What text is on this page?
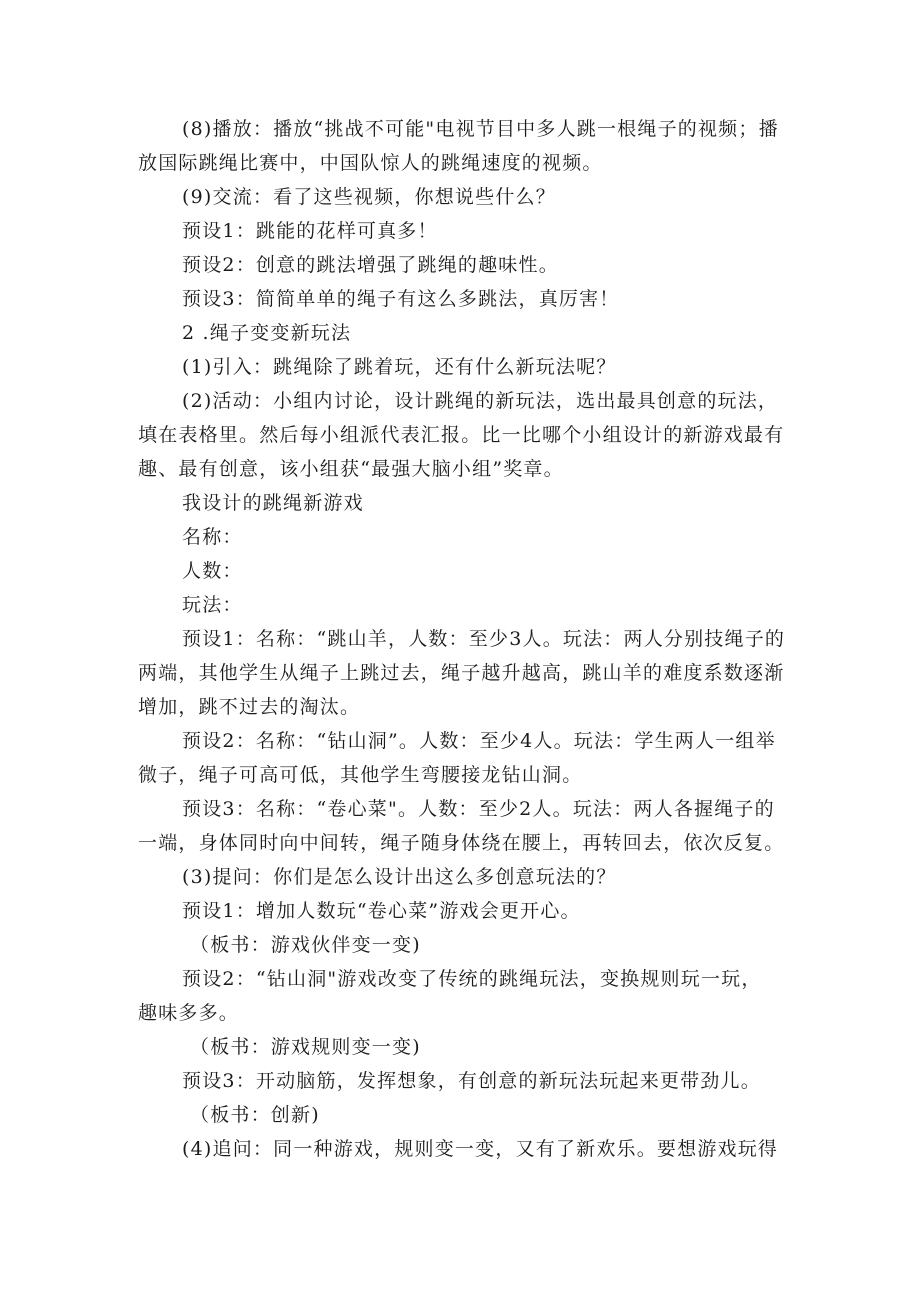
(8)播放：播放“挑战不可能"电视节目中多人跳一根绳子的视频；播
放国际跳绳比赛中，中国队惊人的跳绳速度的视频。
(9)交流：看了这些视频，你想说些什么？
预设1：跳能的花样可真多！
预设2：创意的跳法增强了跳绳的趣味性。
预设3：简简单单的绳子有这么多跳法，真厉害！
2 .绳子变变新玩法
(1)引入：跳绳除了跳着玩，还有什么新玩法呢？
(2)活动：小组内讨论，设计跳绳的新玩法，选出最具创意的玩法，
填在表格里。然后每小组派代表汇报。比一比哪个小组设计的新游戏最有
趣、最有创意，该小组获“最强大脑小组”奖章。
我设计的跳绳新游戏
名称：
人数：
玩法：
预设1：名称：“跳山羊，人数：至少3人。玩法：两人分别技绳子的
两端，其他学生从绳子上跳过去，绳子越升越高，跳山羊的难度系数逐渐
增加，跳不过去的淘汰。
预设2：名称：“钻山洞”。人数：至少4人。玩法：学生两人一组举
微子，绳子可高可低，其他学生弯腰接龙钻山洞。
预设3：名称：“卷心菜"。人数：至少2人。玩法：两人各握绳子的
一端，身体同时向中间转，绳子随身体绕在腰上，再转回去，依次反复。
(3)提问：你们是怎么设计出这么多创意玩法的？
预设1：增加人数玩“卷心菜”游戏会更开心。
（板书：游戏伙伴变一变)
预设2：“钻山洞"游戏改变了传统的跳绳玩法，变换规则玩一玩，
趣味多多。
（板书：游戏规则变一变)
预设3：开动脑筋，发挥想象，有创意的新玩法玩起来更带劲儿。
（板书：创新)
(4)追问：同一种游戏，规则变一变，又有了新欢乐。要想游戏玩得
